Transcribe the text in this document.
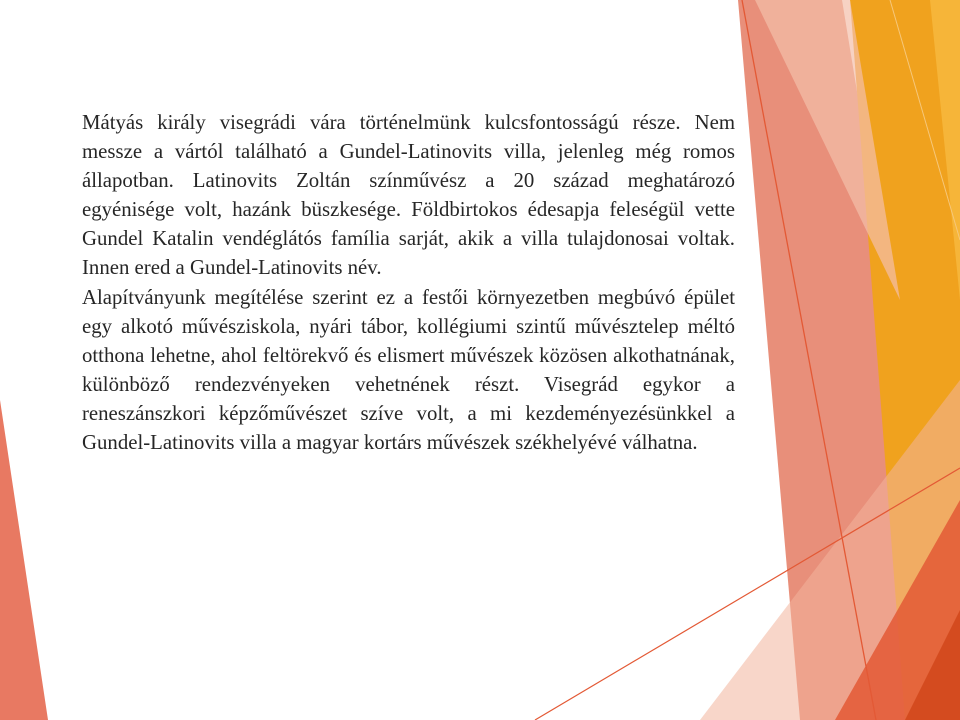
Mátyás király visegrádi vára történelmünk kulcsfontosságú része. Nem messze a vártól található a Gundel-Latinovits villa, jelenleg még romos állapotban. Latinovits Zoltán színművész a 20 század meghatározó egyénisége volt, hazánk büszkesége. Földbirtokos édesapja feleségül vette Gundel Katalin vendéglátós família sarját, akik a villa tulajdonosai voltak. Innen ered a Gundel-Latinovits név.

Alapítványunk megítélése szerint ez a festői környezetben megbúvó épület egy alkotó művésziskola, nyári tábor, kollégiumi szintű művésztelep méltó otthona lehetne, ahol feltörekvő és elismert művészek közösen alkothatnának, különböző rendezvényeken vehetnének részt. Visegrád egykor a reneszánszkori képzőművészet szíve volt, a mi kezdeményezésünkkel a Gundel-Latinovits villa a magyar kortárs művészek székhelyévé válhatna.
